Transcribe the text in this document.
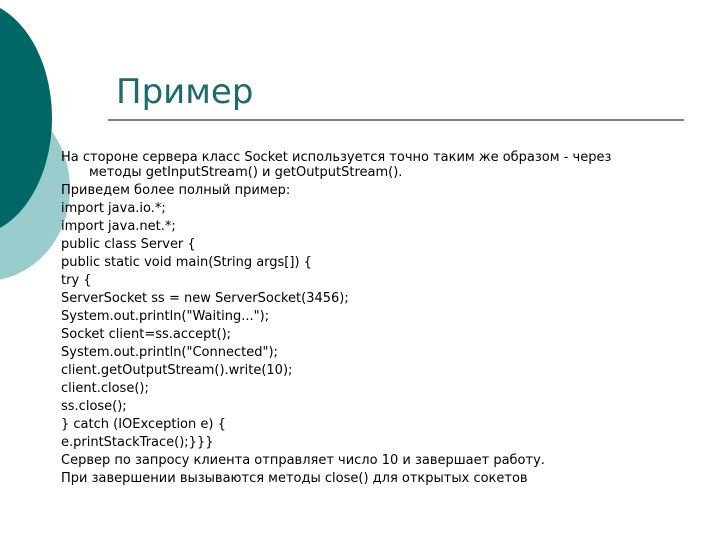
Пример
На стороне сервера класс Socket используется точно таким же образом - через методы getInputStream() и getOutputStream().
Приведем более полный пример:
import java.io.*;
import java.net.*;
public class Server {
public static void main(String args[]) {
try {
ServerSocket ss = new ServerSocket(3456);
System.out.println("Waiting...");
Socket client=ss.accept();
System.out.println("Connected");
client.getOutputStream().write(10);
client.close();
ss.close();
} catch (IOException e) {
e.printStackTrace();}}}
Сервер по запросу клиента отправляет число 10 и завершает работу.
При завершении вызываются методы close() для открытых сокетов
